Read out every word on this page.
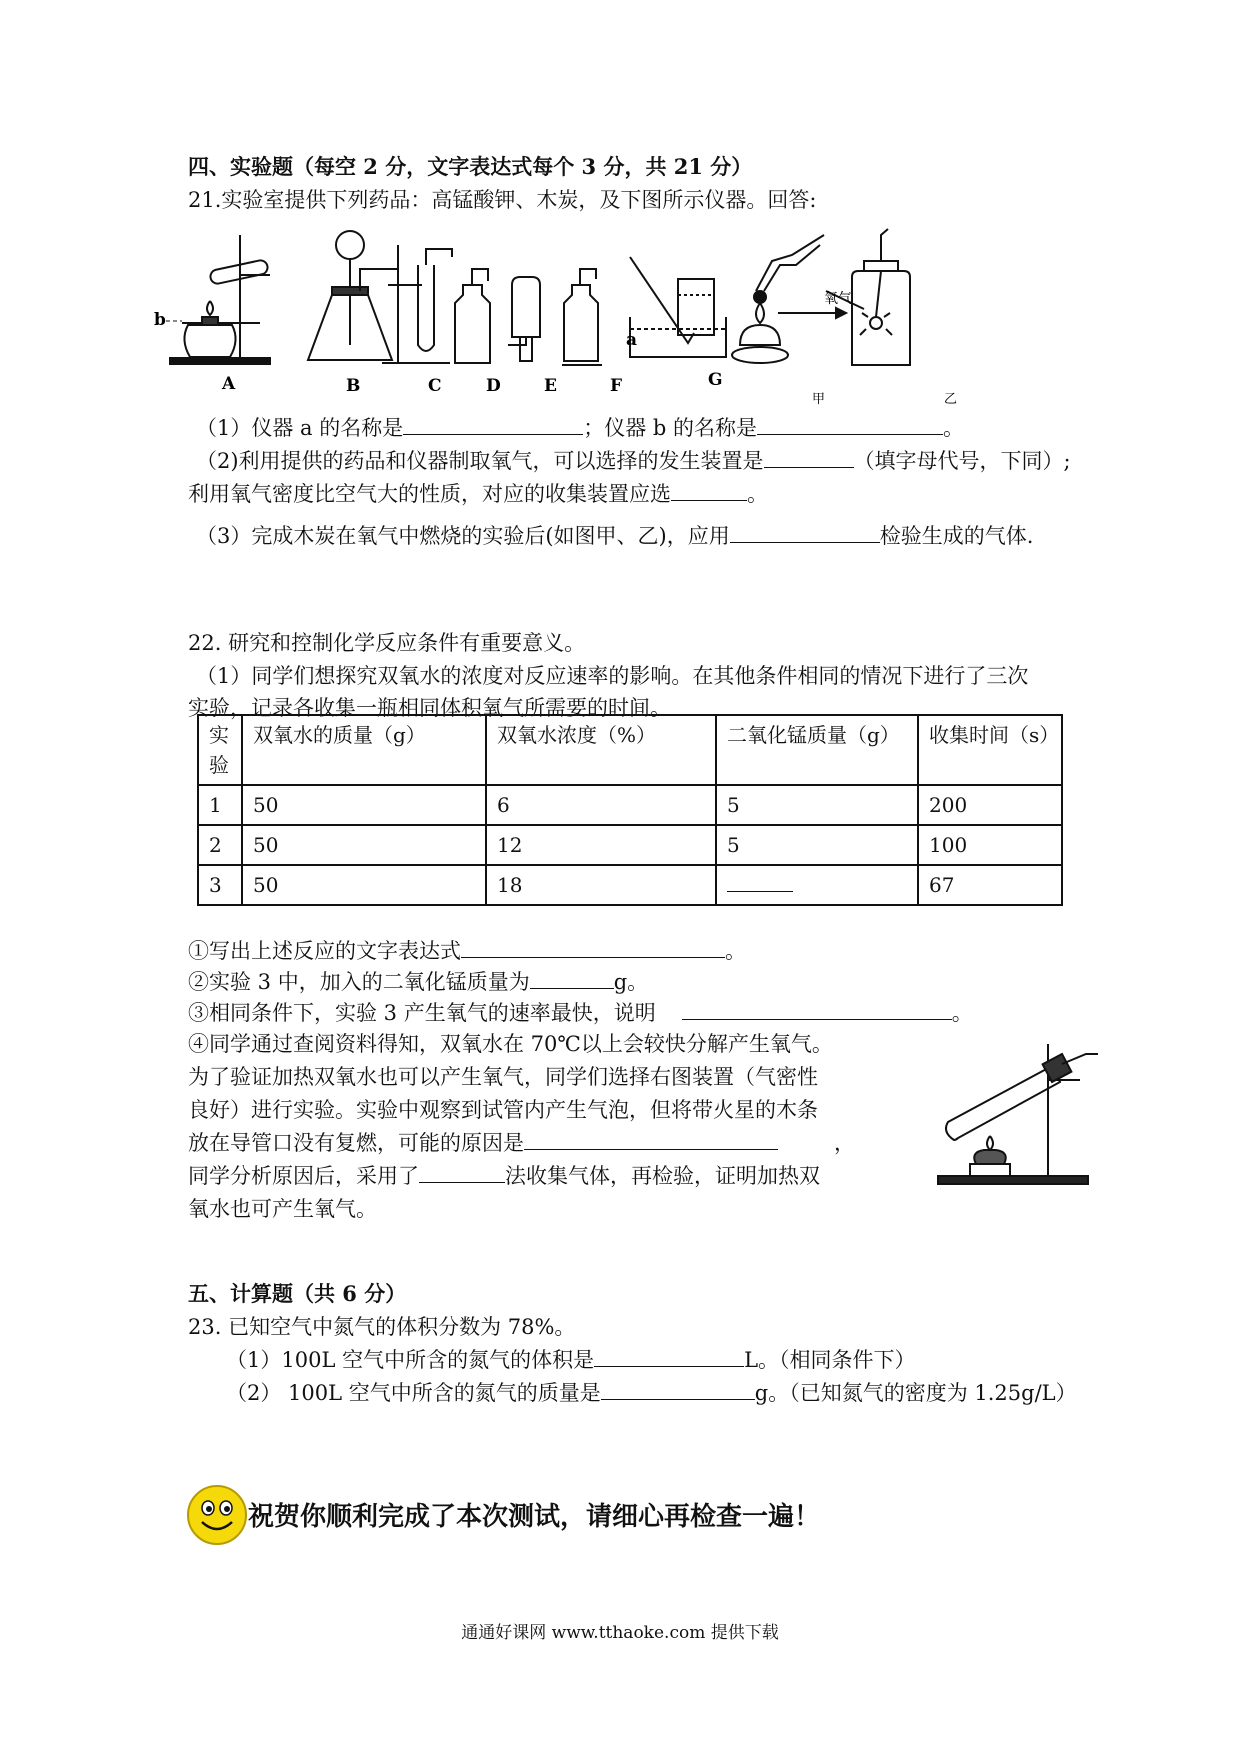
四、实验题（每空 2 分，文字表达式每个 3 分，共 21 分）
21.实验室提供下列药品：高锰酸钾、木炭，及下图所示仪器。回答:
b
a
A	B	C	D	E	F	G
氧气
甲	乙
（1）仪器 a 的名称是	；仪器 b 的名称是	。
（2)利用提供的药品和仪器制取氧气，可以选择的发生装置是	（填字母代号，下同）;
利用氧气密度比空气大的性质，对应的收集装置应选	。
（3）完成木炭在氧气中燃烧的实验后(如图甲、乙)，应用	检验生成的气体.
22. 研究和控制化学反应条件有重要意义。
（1）同学们想探究双氧水的浓度对反应速率的影响。在其他条件相同的情况下进行了三次
实验，记录各收集一瓶相同体积氧气所需要的时间。
实验	双氧水的质量（g）	双氧水浓度（%）	二氧化锰质量（g）	收集时间（s）
1	50	6	5	200
2	50	12	5	100
3	50	18		67
①写出上述反应的文字表达式	。
②实验 3 中，加入的二氧化锰质量为	g。
③相同条件下，实验 3 产生氧气的速率最快，说明	。
④同学通过查阅资料得知，双氧水在 70℃以上会较快分解产生氧气。
为了验证加热双氧水也可以产生氧气，同学们选择右图装置（气密性
良好）进行实验。实验中观察到试管内产生气泡，但将带火星的木条
放在导管口没有复燃，可能的原因是	，
同学分析原因后，采用了	法收集气体，再检验，证明加热双
氧水也可产生氧气。
五、计算题（共 6 分）
23. 已知空气中氮气的体积分数为 78%。
（1）100L 空气中所含的氮气的体积是	L。（相同条件下）
（2） 100L 空气中所含的氮气的质量是	g。（已知氮气的密度为 1.25g/L）
祝贺你顺利完成了本次测试，请细心再检查一遍！
通通好课网 www.tthaoke.com 提供下载
